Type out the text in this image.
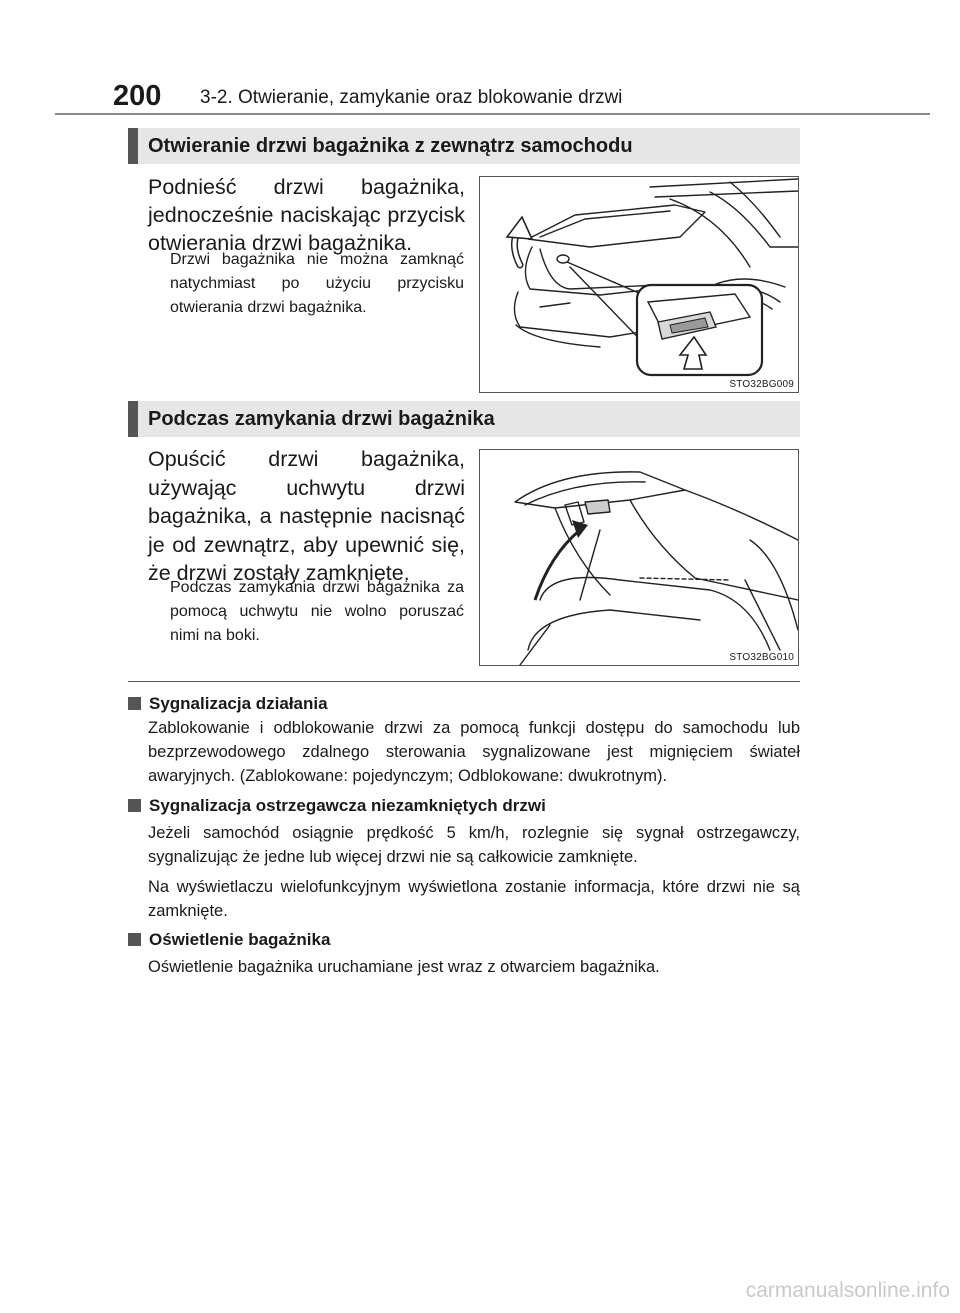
200 3-2. Otwieranie, zamykanie oraz blokowanie drzwi
Otwieranie drzwi bagażnika z zewnątrz samochodu

Podnieść drzwi bagażnika, jednocześnie naciskając przycisk otwierania drzwi bagażnika.

Drzwi bagażnika nie można zamknąć natychmiast po użyciu przycisku otwierania drzwi bagażnika.

STO32BG009
Podczas zamykania drzwi bagażnika

Opuścić drzwi bagażnika, używając uchwytu drzwi bagażnika, a następnie nacisnąć je od zewnątrz, aby upewnić się, że drzwi zostały zamknięte.

Podczas zamykania drzwi bagażnika za pomocą uchwytu nie wolno poruszać nimi na boki.

STO32BG010
Sygnalizacja działania

Zablokowanie i odblokowanie drzwi za pomocą funkcji dostępu do samochodu lub bezprzewodowego zdalnego sterowania sygnalizowane jest mignięciem świateł awaryjnych. (Zablokowane: pojedynczym; Odblokowane: dwukrotnym).

Sygnalizacja ostrzegawcza niezamkniętych drzwi

Jeżeli samochód osiągnie prędkość 5 km/h, rozlegnie się sygnał ostrzegawczy, sygnalizując że jedne lub więcej drzwi nie są całkowicie zamknięte.

Na wyświetlaczu wielofunkcyjnym wyświetlona zostanie informacja, które drzwi nie są zamknięte.

Oświetlenie bagażnika

Oświetlenie bagażnika uruchamiane jest wraz z otwarciem bagażnika.

carmanualsonline.info
